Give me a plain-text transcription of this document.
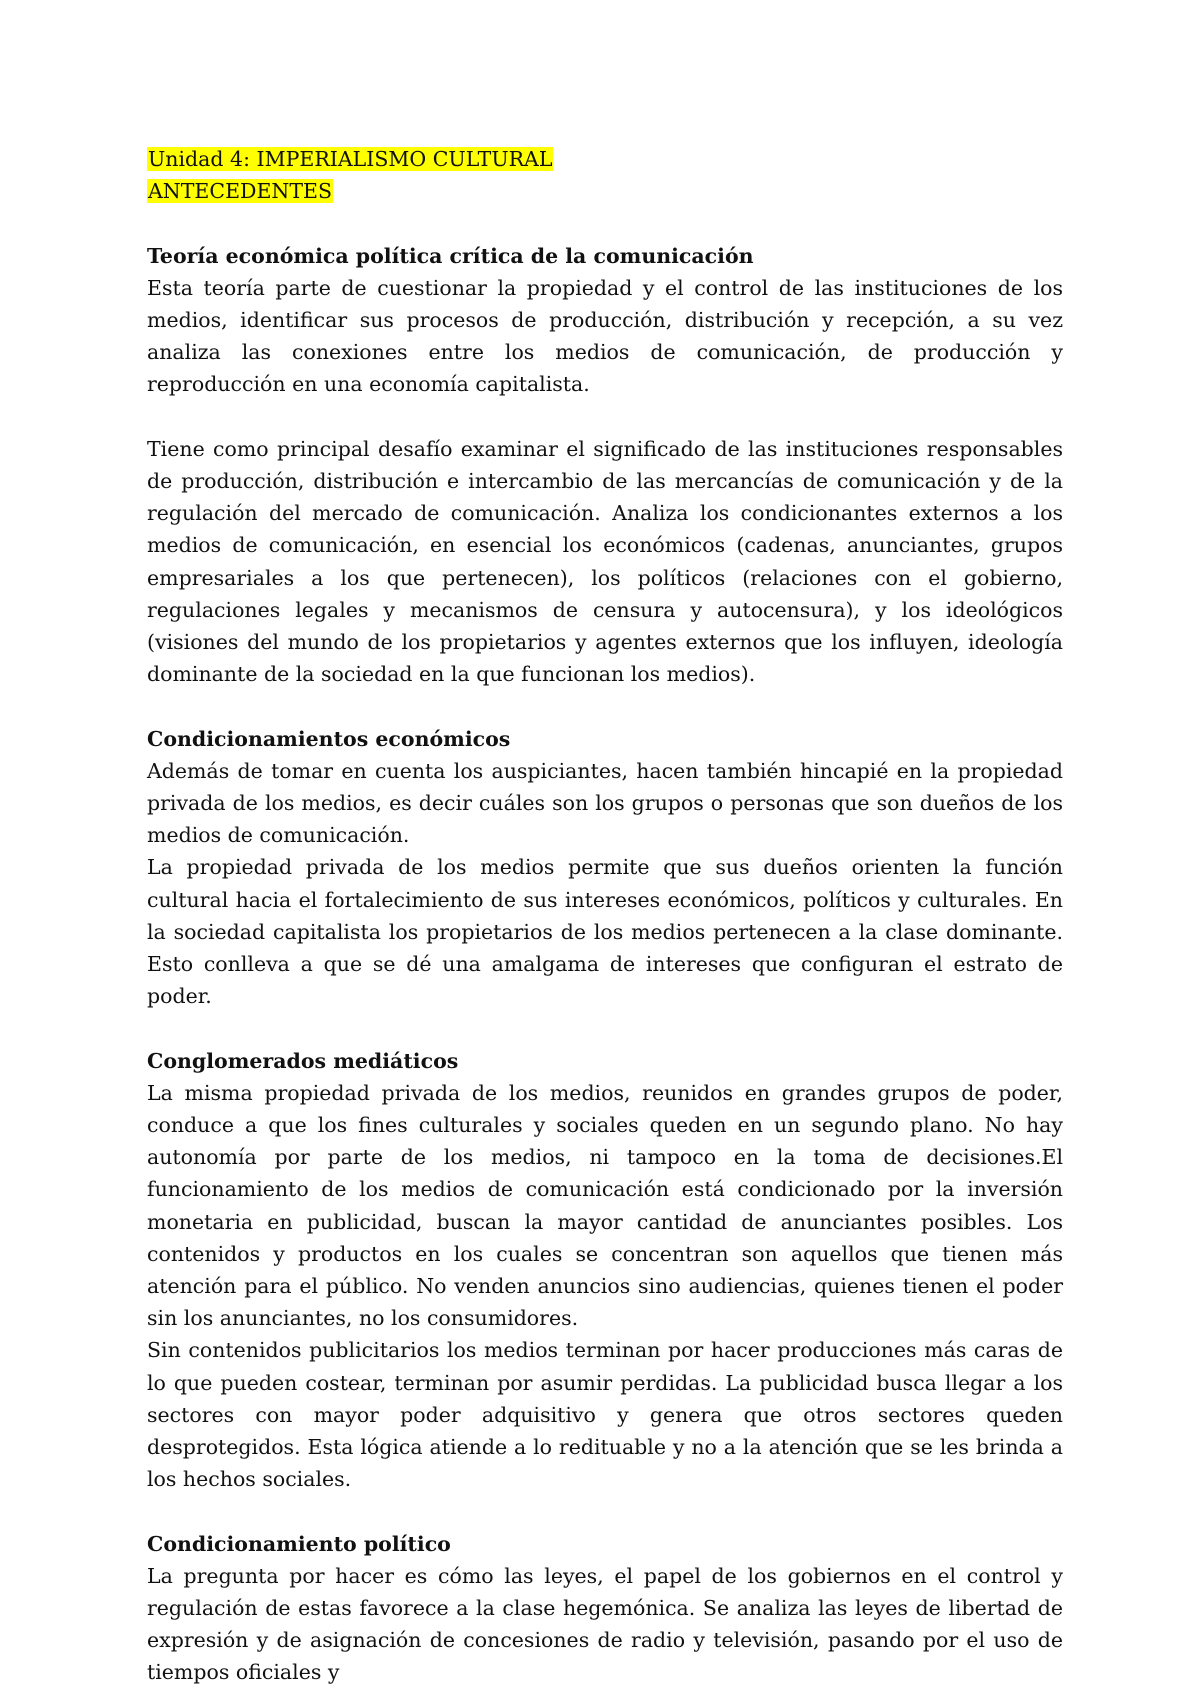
Unidad 4: IMPERIALISMO CULTURAL
ANTECEDENTES

Teoría económica política crítica de la comunicación

Esta teoría parte de cuestionar la propiedad y el control de las instituciones de los medios, identificar sus procesos de producción, distribución y recepción, a su vez analiza las conexiones entre los medios de comunicación, de producción y reproducción en una economía capitalista.

Tiene como principal desafío examinar el significado de las instituciones responsables de producción, distribución e intercambio de las mercancías de comunicación y de la regulación del mercado de comunicación. Analiza los condicionantes externos a los medios de comunicación, en esencial los económicos (cadenas, anunciantes, grupos empresariales a los que pertenecen), los políticos (relaciones con el gobierno, regulaciones legales y mecanismos de censura y autocensura), y los ideológicos (visiones del mundo de los propietarios y agentes externos que los influyen, ideología dominante de la sociedad en la que funcionan los medios).

Condicionamientos económicos

Además de tomar en cuenta los auspiciantes, hacen también hincapié en la propiedad privada de los medios, es decir cuáles son los grupos o personas que son dueños de los medios de comunicación.

La propiedad privada de los medios permite que sus dueños orienten la función cultural hacia el fortalecimiento de sus intereses económicos, políticos y culturales. En la sociedad capitalista los propietarios de los medios pertenecen a la clase dominante. Esto conlleva a que se dé una amalgama de intereses que configuran el estrato de poder.

Conglomerados mediáticos

La misma propiedad privada de los medios, reunidos en grandes grupos de poder, conduce a que los fines culturales y sociales queden en un segundo plano. No hay autonomía por parte de los medios, ni tampoco en la toma de decisiones.El funcionamiento de los medios de comunicación está condicionado por la inversión monetaria en publicidad, buscan la mayor cantidad de anunciantes posibles. Los contenidos y productos en los cuales se concentran son aquellos que tienen más atención para el público. No venden anuncios sino audiencias, quienes tienen el poder sin los anunciantes, no los consumidores.

Sin contenidos publicitarios los medios terminan por hacer producciones más caras de lo que pueden costear, terminan por asumir perdidas. La publicidad busca llegar a los sectores con mayor poder adquisitivo y genera que otros sectores queden desprotegidos. Esta lógica atiende a lo redituable y no a la atención que se les brinda a los hechos sociales.

Condicionamiento político

La pregunta por hacer es cómo las leyes, el papel de los gobiernos en el control y regulación de estas favorece a la clase hegemónica. Se analiza las leyes de libertad de expresión y de asignación de concesiones de radio y televisión, pasando por el uso de tiempos oficiales y
